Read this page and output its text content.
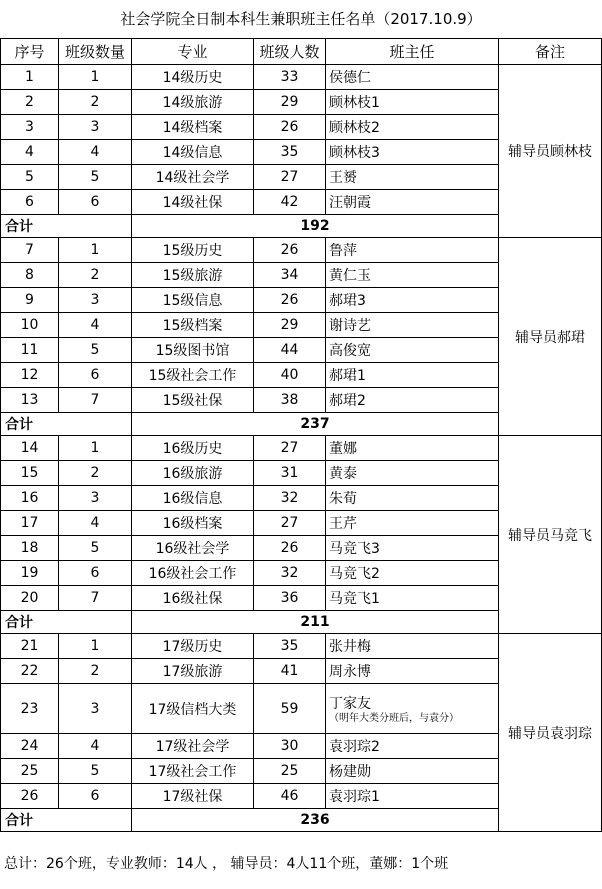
社会学院全日制本科生兼职班主任名单（2017.10.9）
序号	班级数量	专业	班级人数	班主任	备注
1	1	14级历史	33	侯德仁	辅导员顾林枝
2	2	14级旅游	29	顾林枝1	
3	3	14级档案	26	顾林枝2	
4	4	14级信息	35	顾林枝3	
5	5	14级社会学	27	王赟	
6	6	14级社保	42	汪朝霞	
合计		192			
7	1	15级历史	26	鲁萍	辅导员郝珺
8	2	15级旅游	34	黄仁玉	
9	3	15级信息	26	郝珺3	
10	4	15级档案	29	谢诗艺	
11	5	15级图书馆	44	高俊宽	
12	6	15级社会工作	40	郝珺1	
13	7	15级社保	38	郝珺2	
合计		237			
14	1	16级历史	27	董娜	辅导员马竞飞
15	2	16级旅游	31	黄泰	
16	3	16级信息	32	朱荀	
17	4	16级档案	27	王芹	
18	5	16级社会学	26	马竞飞3	
19	6	16级社会工作	32	马竞飞2	
20	7	16级社保	36	马竞飞1	
合计		211			
21	1	17级历史	35	张井梅	辅导员袁羽琮
22	2	17级旅游	41	周永博	
23	3	17级信档大类	59	丁家友
（明年大类分班后，与袁分）	

24	4	17级社会学	30	袁羽琮2	
25	5	17级社会工作	25	杨建勋	
26	6	17级社保	46	袁羽琮1	
合计		236			
总计：26个班，专业教师：14人 ， 辅导员：4人11个班，董娜：1个班
